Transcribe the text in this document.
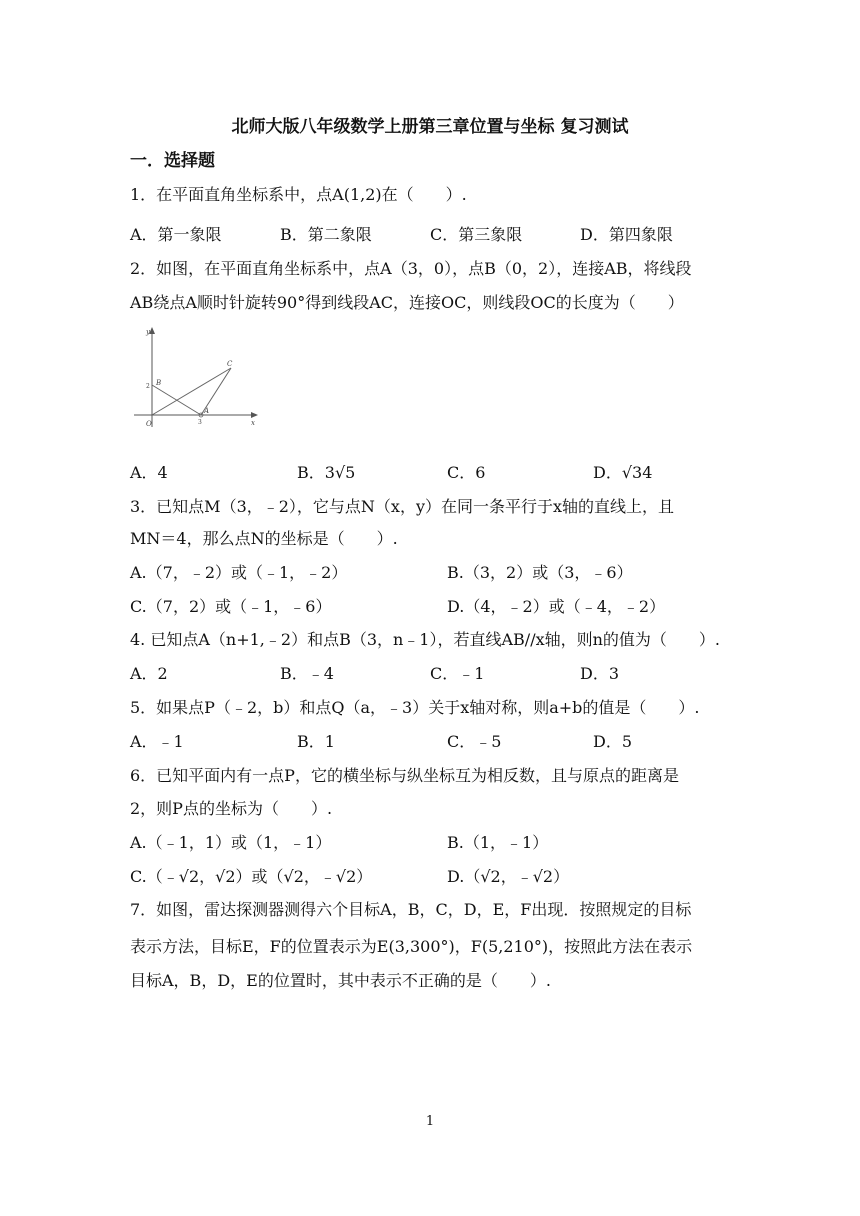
北师大版八年级数学上册第三章位置与坐标 复习测试
一．选择题
1．在平面直角坐标系中，点A(1,2)在（　　）.
A．第一象限	B．第二象限	C．第三象限	D．第四象限
2．如图，在平面直角坐标系中，点A（3，0），点B（0，2），连接AB，将线段
AB绕点A顺时针旋转90°得到线段AC，连接OC，则线段OC的长度为（　　）
y
x
O
A
B
C
2
3
A．4	B．3√5	C．6	D．√34
3．已知点M（3，﹣2），它与点N（x，y）在同一条平行于x轴的直线上，且
MN＝4，那么点N的坐标是（　　）.
A.（7，﹣2）或（﹣1，﹣2）	B.（3，2）或（3，﹣6）
C.（7，2）或（﹣1，﹣6）	D.（4，﹣2）或（﹣4，﹣2）
4. 已知点A（n+1,﹣2）和点B（3，n﹣1），若直线AB//x轴，则n的值为（　　）.
A．2	B．﹣4	C．﹣1	D．3
5．如果点P（﹣2，b）和点Q（a，﹣3）关于x轴对称，则a+b的值是（　　）.
A．﹣1	B．1	C．﹣5	D．5
6．已知平面内有一点P，它的横坐标与纵坐标互为相反数，且与原点的距离是
2，则P点的坐标为（　　）.
A.（﹣1，1）或（1，﹣1）	B.（1，﹣1）
C.（﹣√2，√2）或（√2，﹣√2）	D.（√2，﹣√2）
7．如图，雷达探测器测得六个目标A，B，C，D，E，F出现．按照规定的目标
表示方法，目标E，F的位置表示为E(3,300°)，F(5,210°)，按照此方法在表示
目标A，B，D，E的位置时，其中表示不正确的是（　　）.
1
